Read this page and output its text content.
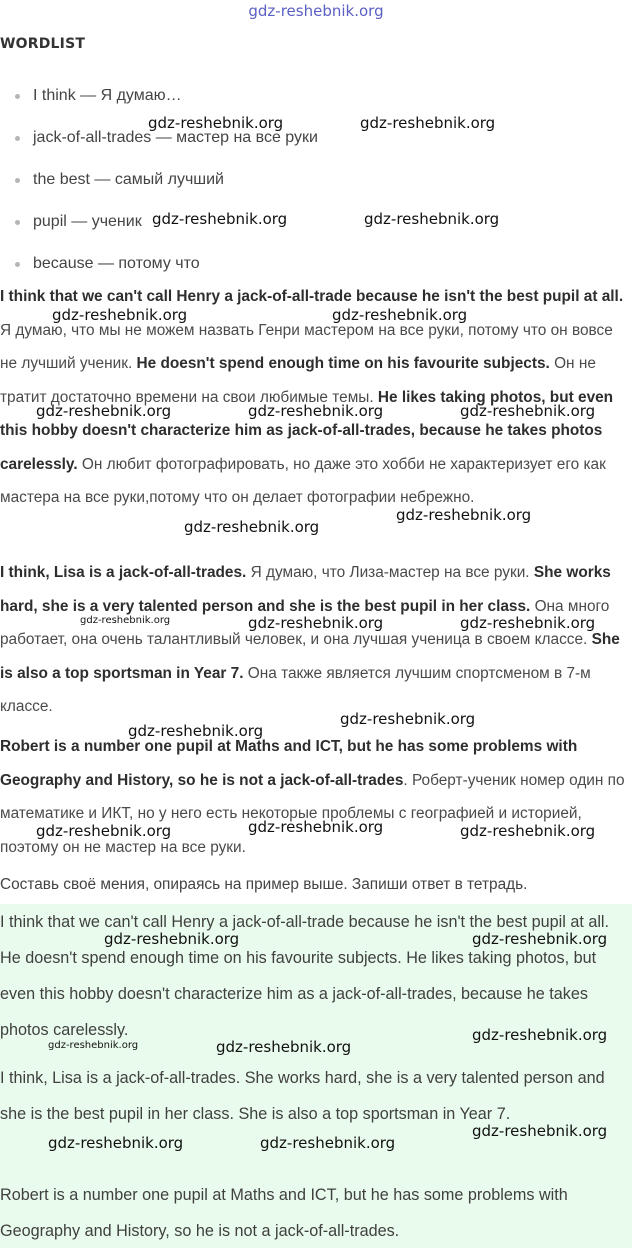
gdz-reshebnik.org
WORDLIST
I think — Я думаю…
jack-of-all-trades — мастер на все руки
the best — самый лучший
pupil — ученик
because — потому что

I think that we can't call Henry a jack-of-all-trade because he isn't the best pupil at all. Я думаю, что мы не можем назвать Генри мастером на все руки, потому что он вовсе не лучший ученик. He doesn't spend enough time on his favourite subjects. Он не тратит достаточно времени на свои любимые темы. He likes taking photos, but even this hobby doesn't characterize him as jack-of-all-trades, because he takes photos carelessly. Он любит фотографировать, но даже это хобби не характеризует его как мастера на все руки,потому что он делает фотографии небрежно.

I think, Lisa is a jack-of-all-trades. Я думаю, что Лиза-мастер на все руки. She works hard, she is a very talented person and she is the best pupil in her class. Она много работает, она очень талантливый человек, и она лучшая ученица в своем классе. She is also a top sportsman in Year 7. Она также является лучшим спортсменом в 7-м классе.

Robert is a number one pupil at Maths and ICT, but he has some problems with Geography and History, so he is not a jack-of-all-trades. Роберт-ученик номер один по математике и ИКТ, но у него есть некоторые проблемы с географией и историей, поэтому он не мастер на все руки.

Составь своё мения, опираясь на пример выше. Запиши ответ в тетрадь.

I think that we can't call Henry a jack-of-all-trade because he isn't the best pupil at all. He doesn't spend enough time on his favourite subjects. He likes taking photos, but even this hobby doesn't characterize him as a jack-of-all-trades, because he takes photos carelessly.

I think, Lisa is a jack-of-all-trades. She works hard, she is a very talented person and she is the best pupil in her class. She is also a top sportsman in Year 7.

Robert is a number one pupil at Maths and ICT, but he has some problems with Geography and History, so he is not a jack-of-all-trades.

gdz-reshebnik.org	gdz-reshebnik.org
gdz-reshebnik.org	gdz-reshebnik.org
gdz-reshebnik.org	gdz-reshebnik.org
gdz-reshebnik.org	gdz-reshebnik.org	gdz-reshebnik.org
gdz-reshebnik.org
gdz-reshebnik.org
gdz-reshebnik.org	gdz-reshebnik.org	gdz-reshebnik.org
gdz-reshebnik.org
gdz-reshebnik.org
gdz-reshebnik.org	gdz-reshebnik.org	gdz-reshebnik.org
gdz-reshebnik.org	gdz-reshebnik.org
gdz-reshebnik.org	gdz-reshebnik.org
gdz-reshebnik.org
gdz-reshebnik.org	gdz-reshebnik.org
gdz-reshebnik.org
